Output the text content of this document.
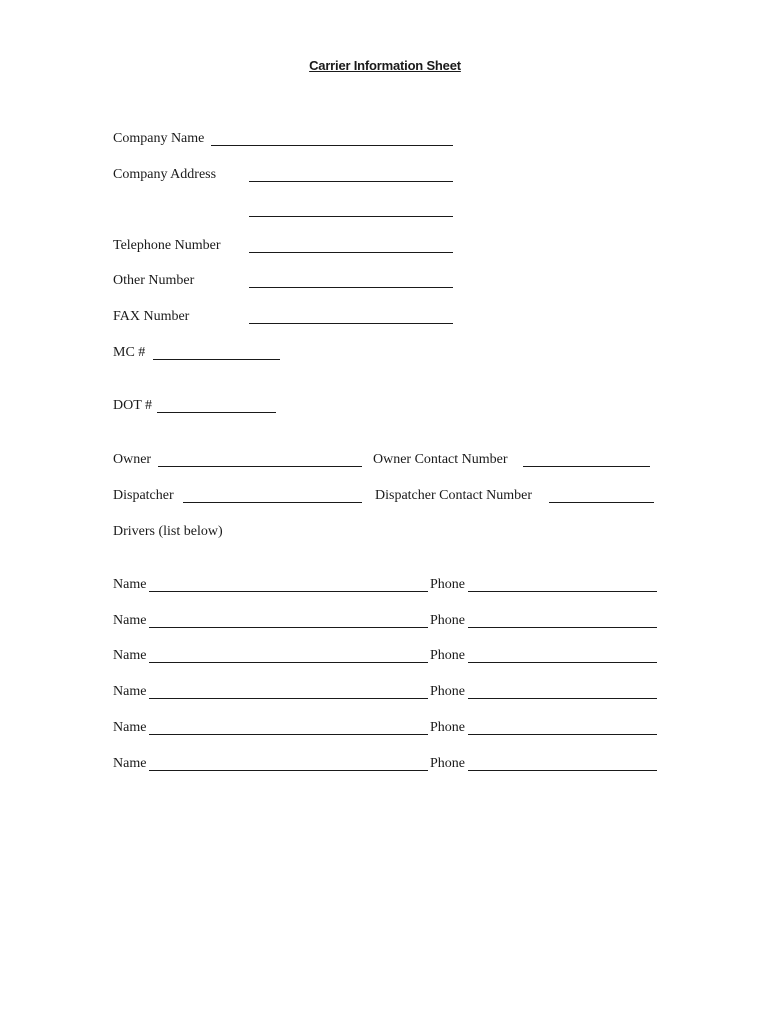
Carrier Information Sheet
Company Name
Company Address
Telephone Number
Other Number
FAX Number
MC #
DOT #
Owner	Owner Contact Number
Dispatcher	Dispatcher Contact Number
Drivers (list below)
Name	Phone
Name	Phone
Name	Phone
Name	Phone
Name	Phone
Name	Phone
